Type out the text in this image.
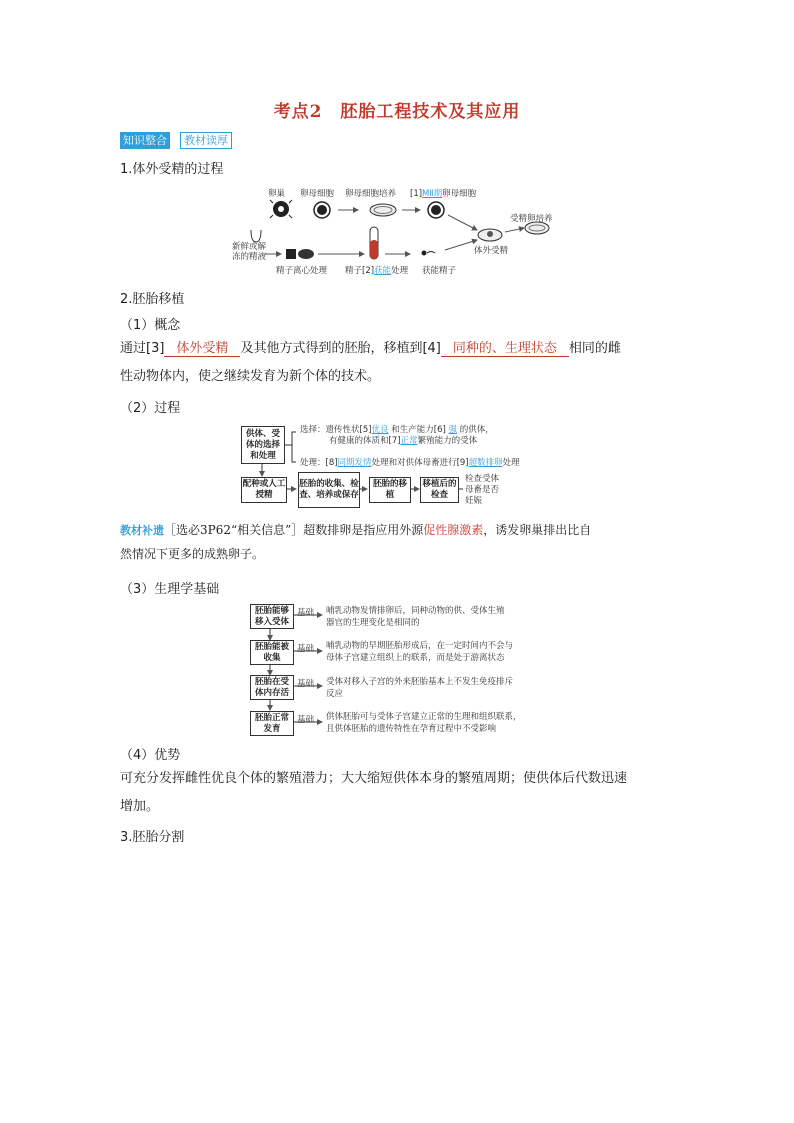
考点2　胚胎工程技术及其应用
知识整合	教材读厚
1.体外受精的过程
卵巢 卵母细胞 卵母细胞培养 [1]MⅡ期卵母细胞
受精卵培养
新鲜或解冻的精液
精子离心处理 精子[2]获能处理 获能精子
体外受精
2.胚胎移植
（1）概念
通过[3] 体外受精 及其他方式得到的胚胎，移植到[4] 同种的、生理状态 相同的雌
性动物体内，使之继续发育为新个体的技术。
（2）过程
供体、受体的选择和处理
配种或人工授精
胚胎的收集、检查、培养或保存
胚胎的移植
移植后的检查
选择：遗传性状[5]优良 和生产能力[6] 强 的供体，
有健康的体质和[7]正常繁殖能力的受体
处理：[8]同期发情处理和对供体母畜进行[9]超数排卵处理
检查受体
母畜是否
妊娠
教材补遗［选必3P62“相关信息”］超数排卵是指应用外源促性腺激素，诱发卵巢排出比自
然情况下更多的成熟卵子。
（3）生理学基础
胚胎能够移入受体
胚胎能被收集
胚胎在受体内存活
胚胎正常发育
基础
基础
基础
基础
哺乳动物发情排卵后，同种动物的供、受体生殖
器官的生理变化是相同的
哺乳动物的早期胚胎形成后，在一定时间内不会与
母体子宫建立组织上的联系，而是处于游离状态
受体对移入子宫的外来胚胎基本上不发生免疫排斥
反应
供体胚胎可与受体子宫建立正常的生理和组织联系，
且供体胚胎的遗传特性在孕育过程中不受影响
（4）优势
可充分发挥雌性优良个体的繁殖潜力；大大缩短供体本身的繁殖周期；使供体后代数迅速
增加。
3.胚胎分割
